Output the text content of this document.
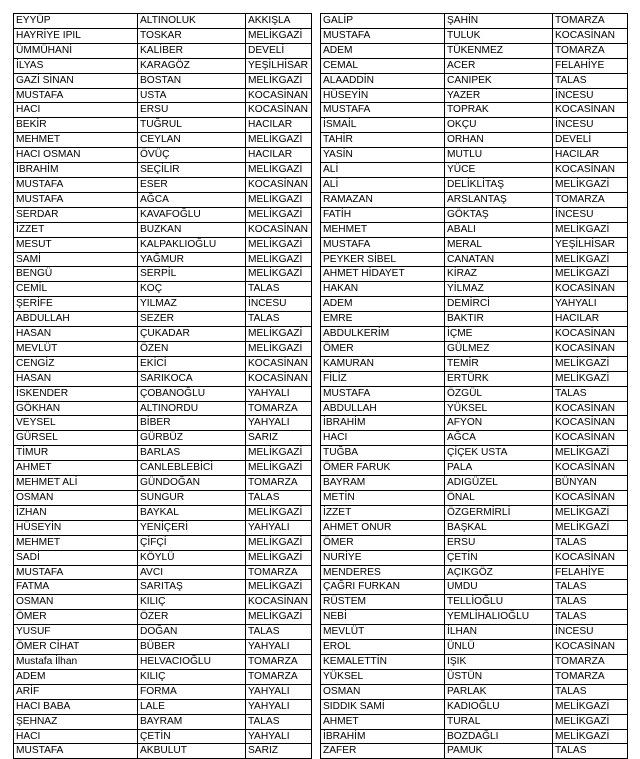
EYYÜP	ALTINOLUK	AKKIŞLA
HAYRİYE IPIL	TOSKAR	MELİKGAZİ
ÜMMÜHANİ	KALİBER	DEVELİ
İLYAS	KARAGÖZ	YEŞİLHİSAR
GAZİ SİNAN	BOSTAN	MELİKGAZİ
MUSTAFA	USTA	KOCASİNAN
HACI	ERSU	KOCASİNAN
BEKİR	TUĞRUL	HACILAR
MEHMET	CEYLAN	MELİKGAZİ
HACI OSMAN	ÖVÜÇ	HACILAR
İBRAHİM	SEÇİLİR	MELİKGAZİ
MUSTAFA	ESER	KOCASİNAN
MUSTAFA	AĞCA	MELİKGAZİ
SERDAR	KAVAFOĞLU	MELİKGAZİ
İZZET	BUZKAN	KOCASİNAN
MESUT	KALPAKLIOĞLU	MELİKGAZİ
SAMİ	YAĞMUR	MELİKGAZİ
BENGÜ	SERPİL	MELİKGAZİ
CEMİL	KOÇ	TALAS
ŞERİFE	YILMAZ	İNCESU
ABDULLAH	SEZER	TALAS
HASAN	ÇUKADAR	MELİKGAZİ
MEVLÜT	ÖZEN	MELİKGAZİ
CENGİZ	EKİCİ	KOCASİNAN
HASAN	SARIKOCA	KOCASİNAN
İSKENDER	ÇOBANOĞLU	YAHYALI
GÖKHAN	ALTINORDU	TOMARZA
VEYSEL	BİBER	YAHYALI
GÜRSEL	GÜRBÜZ	SARIZ
TİMUR	BARLAS	MELİKGAZİ
AHMET	CANLEBLEBİCİ	MELİKGAZİ
MEHMET ALİ	GÜNDOĞAN	TOMARZA
OSMAN	SUNGUR	TALAS
İZHAN	BAYKAL	MELİKGAZİ
HÜSEYİN	YENİÇERİ	YAHYALI
MEHMET	ÇİFÇİ	MELİKGAZİ
SADİ	KÖYLÜ	MELİKGAZİ
MUSTAFA	AVCI	TOMARZA
FATMA	SARITAŞ	MELİKGAZİ
OSMAN	KILIÇ	KOCASİNAN
ÖMER	ÖZER	MELİKGAZİ
YUSUF	DOĞAN	TALAS
ÖMER CİHAT	BÜBER	YAHYALI
Mustafa İlhan	HELVACIOĞLU	TOMARZA
ADEM	KILIÇ	TOMARZA
ARİF	FORMA	YAHYALI
HACI BABA	LALE	YAHYALI
ŞEHNAZ	BAYRAM	TALAS
HACI	ÇETİN	YAHYALI
MUSTAFA	AKBULUT	SARIZ
GALİP	ŞAHİN	TOMARZA
MUSTAFA	TULUK	KOCASİNAN
ADEM	TÜKENMEZ	TOMARZA
CEMAL	ACER	FELAHİYE
ALAADDİN	CANIPEK	TALAS
HÜSEYİN	YAZER	İNCESU
MUSTAFA	TOPRAK	KOCASİNAN
İSMAİL	OKÇU	İNCESU
TAHİR	ORHAN	DEVELİ
YASİN	MUTLU	HACILAR
ALİ	YÜCE	KOCASİNAN
ALİ	DELİKLİTAŞ	MELİKGAZİ
RAMAZAN	ARSLANTAŞ	TOMARZA
FATİH	GÖKTAŞ	İNCESU
MEHMET	ABALI	MELİKGAZİ
MUSTAFA	MERAL	YEŞİLHİSAR
PEYKER SİBEL	CANATAN	MELİKGAZİ
AHMET HİDAYET	KİRAZ	MELİKGAZİ
HAKAN	YİLMAZ	KOCASİNAN
ADEM	DEMİRCİ	YAHYALI
EMRE	BAKTIR	HACILAR
ABDULKERİM	İÇME	KOCASİNAN
ÖMER	GÜLMEZ	KOCASİNAN
KAMURAN	TEMİR	MELİKGAZİ
FİLİZ	ERTÜRK	MELİKGAZİ
MUSTAFA	ÖZGÜL	TALAS
ABDULLAH	YÜKSEL	KOCASİNAN
İBRAHİM	AFYON	KOCASİNAN
HACI	AĞCA	KOCASİNAN
TUĞBA	ÇİÇEK USTA	MELİKGAZİ
ÖMER FARUK	PALA	KOCASİNAN
BAYRAM	ADIGÜZEL	BÜNYAN
METİN	ÖNAL	KOCASİNAN
İZZET	ÖZGERMİRLİ	MELİKGAZİ
AHMET ONUR	BAŞKAL	MELİKGAZİ
ÖMER	ERSU	TALAS
NURİYE	ÇETİN	KOCASİNAN
MENDERES	AÇIKGÖZ	FELAHİYE
ÇAĞRI FURKAN	UMDU	TALAS
RÜSTEM	TELLİOĞLU	TALAS
NEBİ	YEMLİHALIOĞLU	TALAS
MEVLÜT	İLHAN	İNCESU
EROL	ÜNLÜ	KOCASİNAN
KEMALETTİN	IŞIK	TOMARZA
YÜKSEL	ÜSTÜN	TOMARZA
OSMAN	PARLAK	TALAS
SIDDIK SAMİ	KADIOĞLU	MELİKGAZİ
AHMET	TURAL	MELİKGAZİ
İBRAHİM	BOZDAĞLI	MELİKGAZİ
ZAFER	PAMUK	TALAS
